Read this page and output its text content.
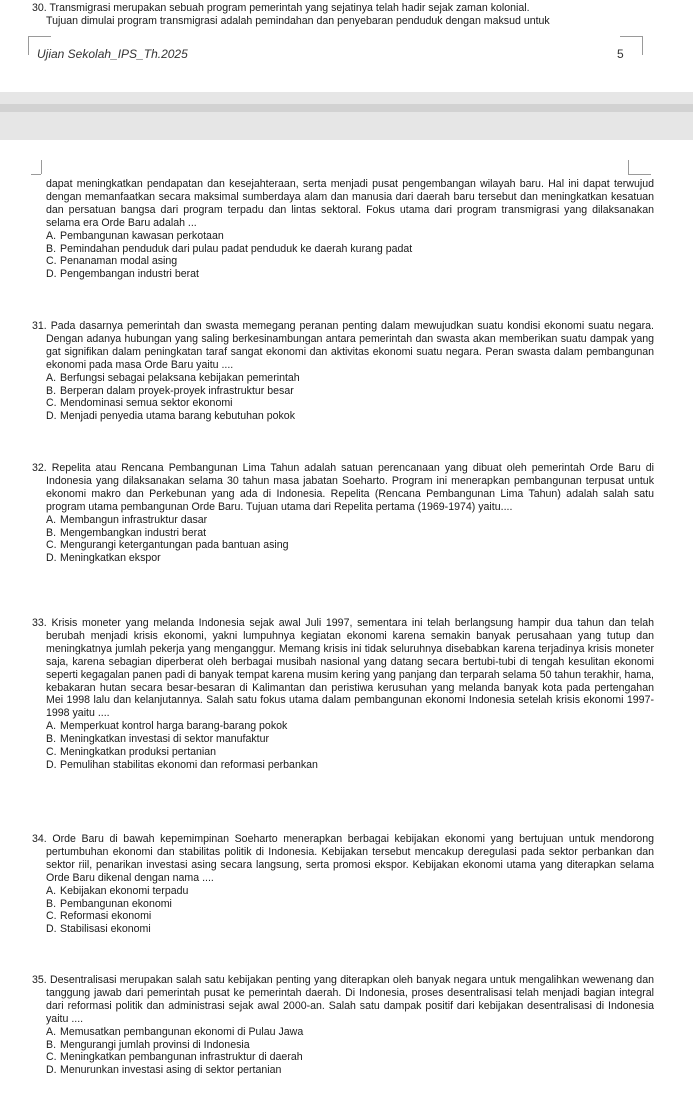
30. Transmigrasi merupakan sebuah program pemerintah yang sejatinya telah hadir sejak zaman kolonial.

Tujuan dimulai program transmigrasi adalah pemindahan dan penyebaran penduduk dengan maksud untuk

Ujian Sekolah_IPS_Th.2025	5

dapat meningkatkan pendapatan dan kesejahteraan, serta menjadi pusat pengembangan wilayah baru. Hal ini dapat terwujud dengan memanfaatkan secara maksimal sumberdaya alam dan manusia dari daerah baru tersebut dan meningkatkan kesatuan dan persatuan bangsa dari program terpadu dan lintas sektoral. Fokus utama dari program transmigrasi yang dilaksanakan selama era Orde Baru adalah ...

A. Pembangunan kawasan perkotaan
B. Pemindahan penduduk dari pulau padat penduduk ke daerah kurang padat
C. Penanaman modal asing
D. Pengembangan industri berat

31. Pada dasarnya pemerintah dan swasta memegang peranan penting dalam mewujudkan suatu kondisi ekonomi suatu negara. Dengan adanya hubungan yang saling berkesinambungan antara pemerintah dan swasta akan memberikan suatu dampak yang gat signifikan dalam peningkatan taraf sangat ekonomi dan aktivitas ekonomi suatu negara. Peran swasta dalam pembangunan ekonomi pada masa Orde Baru yaitu ....

A. Berfungsi sebagai pelaksana kebijakan pemerintah
B. Berperan dalam proyek-proyek infrastruktur besar
C. Mendominasi semua sektor ekonomi
D. Menjadi penyedia utama barang kebutuhan pokok

32. Repelita atau Rencana Pembangunan Lima Tahun adalah satuan perencanaan yang dibuat oleh pemerintah Orde Baru di Indonesia yang dilaksanakan selama 30 tahun masa jabatan Soeharto. Program ini menerapkan pembangunan terpusat untuk ekonomi makro dan Perkebunan yang ada di Indonesia. Repelita (Rencana Pembangunan Lima Tahun) adalah salah satu program utama pembangunan Orde Baru. Tujuan utama dari Repelita pertama (1969-1974) yaitu....

A. Membangun infrastruktur dasar
B. Mengembangkan industri berat
C. Mengurangi ketergantungan pada bantuan asing
D. Meningkatkan ekspor

33. Krisis moneter yang melanda Indonesia sejak awal Juli 1997, sementara ini telah berlangsung hampir dua tahun dan telah berubah menjadi krisis ekonomi, yakni lumpuhnya kegiatan ekonomi karena semakin banyak perusahaan yang tutup dan meningkatnya jumlah pekerja yang menganggur. Memang krisis ini tidak seluruhnya disebabkan karena terjadinya krisis moneter saja, karena sebagian diperberat oleh berbagai musibah nasional yang datang secara bertubi-tubi di tengah kesulitan ekonomi seperti kegagalan panen padi di banyak tempat karena musim kering yang panjang dan terparah selama 50 tahun terakhir, hama, kebakaran hutan secara besar-besaran di Kalimantan dan peristiwa kerusuhan yang melanda banyak kota pada pertengahan Mei 1998 lalu dan kelanjutannya. Salah satu fokus utama dalam pembangunan ekonomi Indonesia setelah krisis ekonomi 1997-1998 yaitu ....

A. Memperkuat kontrol harga barang-barang pokok
B. Meningkatkan investasi di sektor manufaktur
C. Meningkatkan produksi pertanian
D. Pemulihan stabilitas ekonomi dan reformasi perbankan

34. Orde Baru di bawah kepemimpinan Soeharto menerapkan berbagai kebijakan ekonomi yang bertujuan untuk mendorong pertumbuhan ekonomi dan stabilitas politik di Indonesia. Kebijakan tersebut mencakup deregulasi pada sektor perbankan dan sektor riil, penarikan investasi asing secara langsung, serta promosi ekspor. Kebijakan ekonomi utama yang diterapkan selama Orde Baru dikenal dengan nama ....

A. Kebijakan ekonomi terpadu
B. Pembangunan ekonomi
C. Reformasi ekonomi
D. Stabilisasi ekonomi

35. Desentralisasi merupakan salah satu kebijakan penting yang diterapkan oleh banyak negara untuk mengalihkan wewenang dan tanggung jawab dari pemerintah pusat ke pemerintah daerah. Di Indonesia, proses desentralisasi telah menjadi bagian integral dari reformasi politik dan administrasi sejak awal 2000-an. Salah satu dampak positif dari kebijakan desentralisasi di Indonesia yaitu ....

A. Memusatkan pembangunan ekonomi di Pulau Jawa
B. Mengurangi jumlah provinsi di Indonesia
C. Meningkatkan pembangunan infrastruktur di daerah
D. Menurunkan investasi asing di sektor pertanian
